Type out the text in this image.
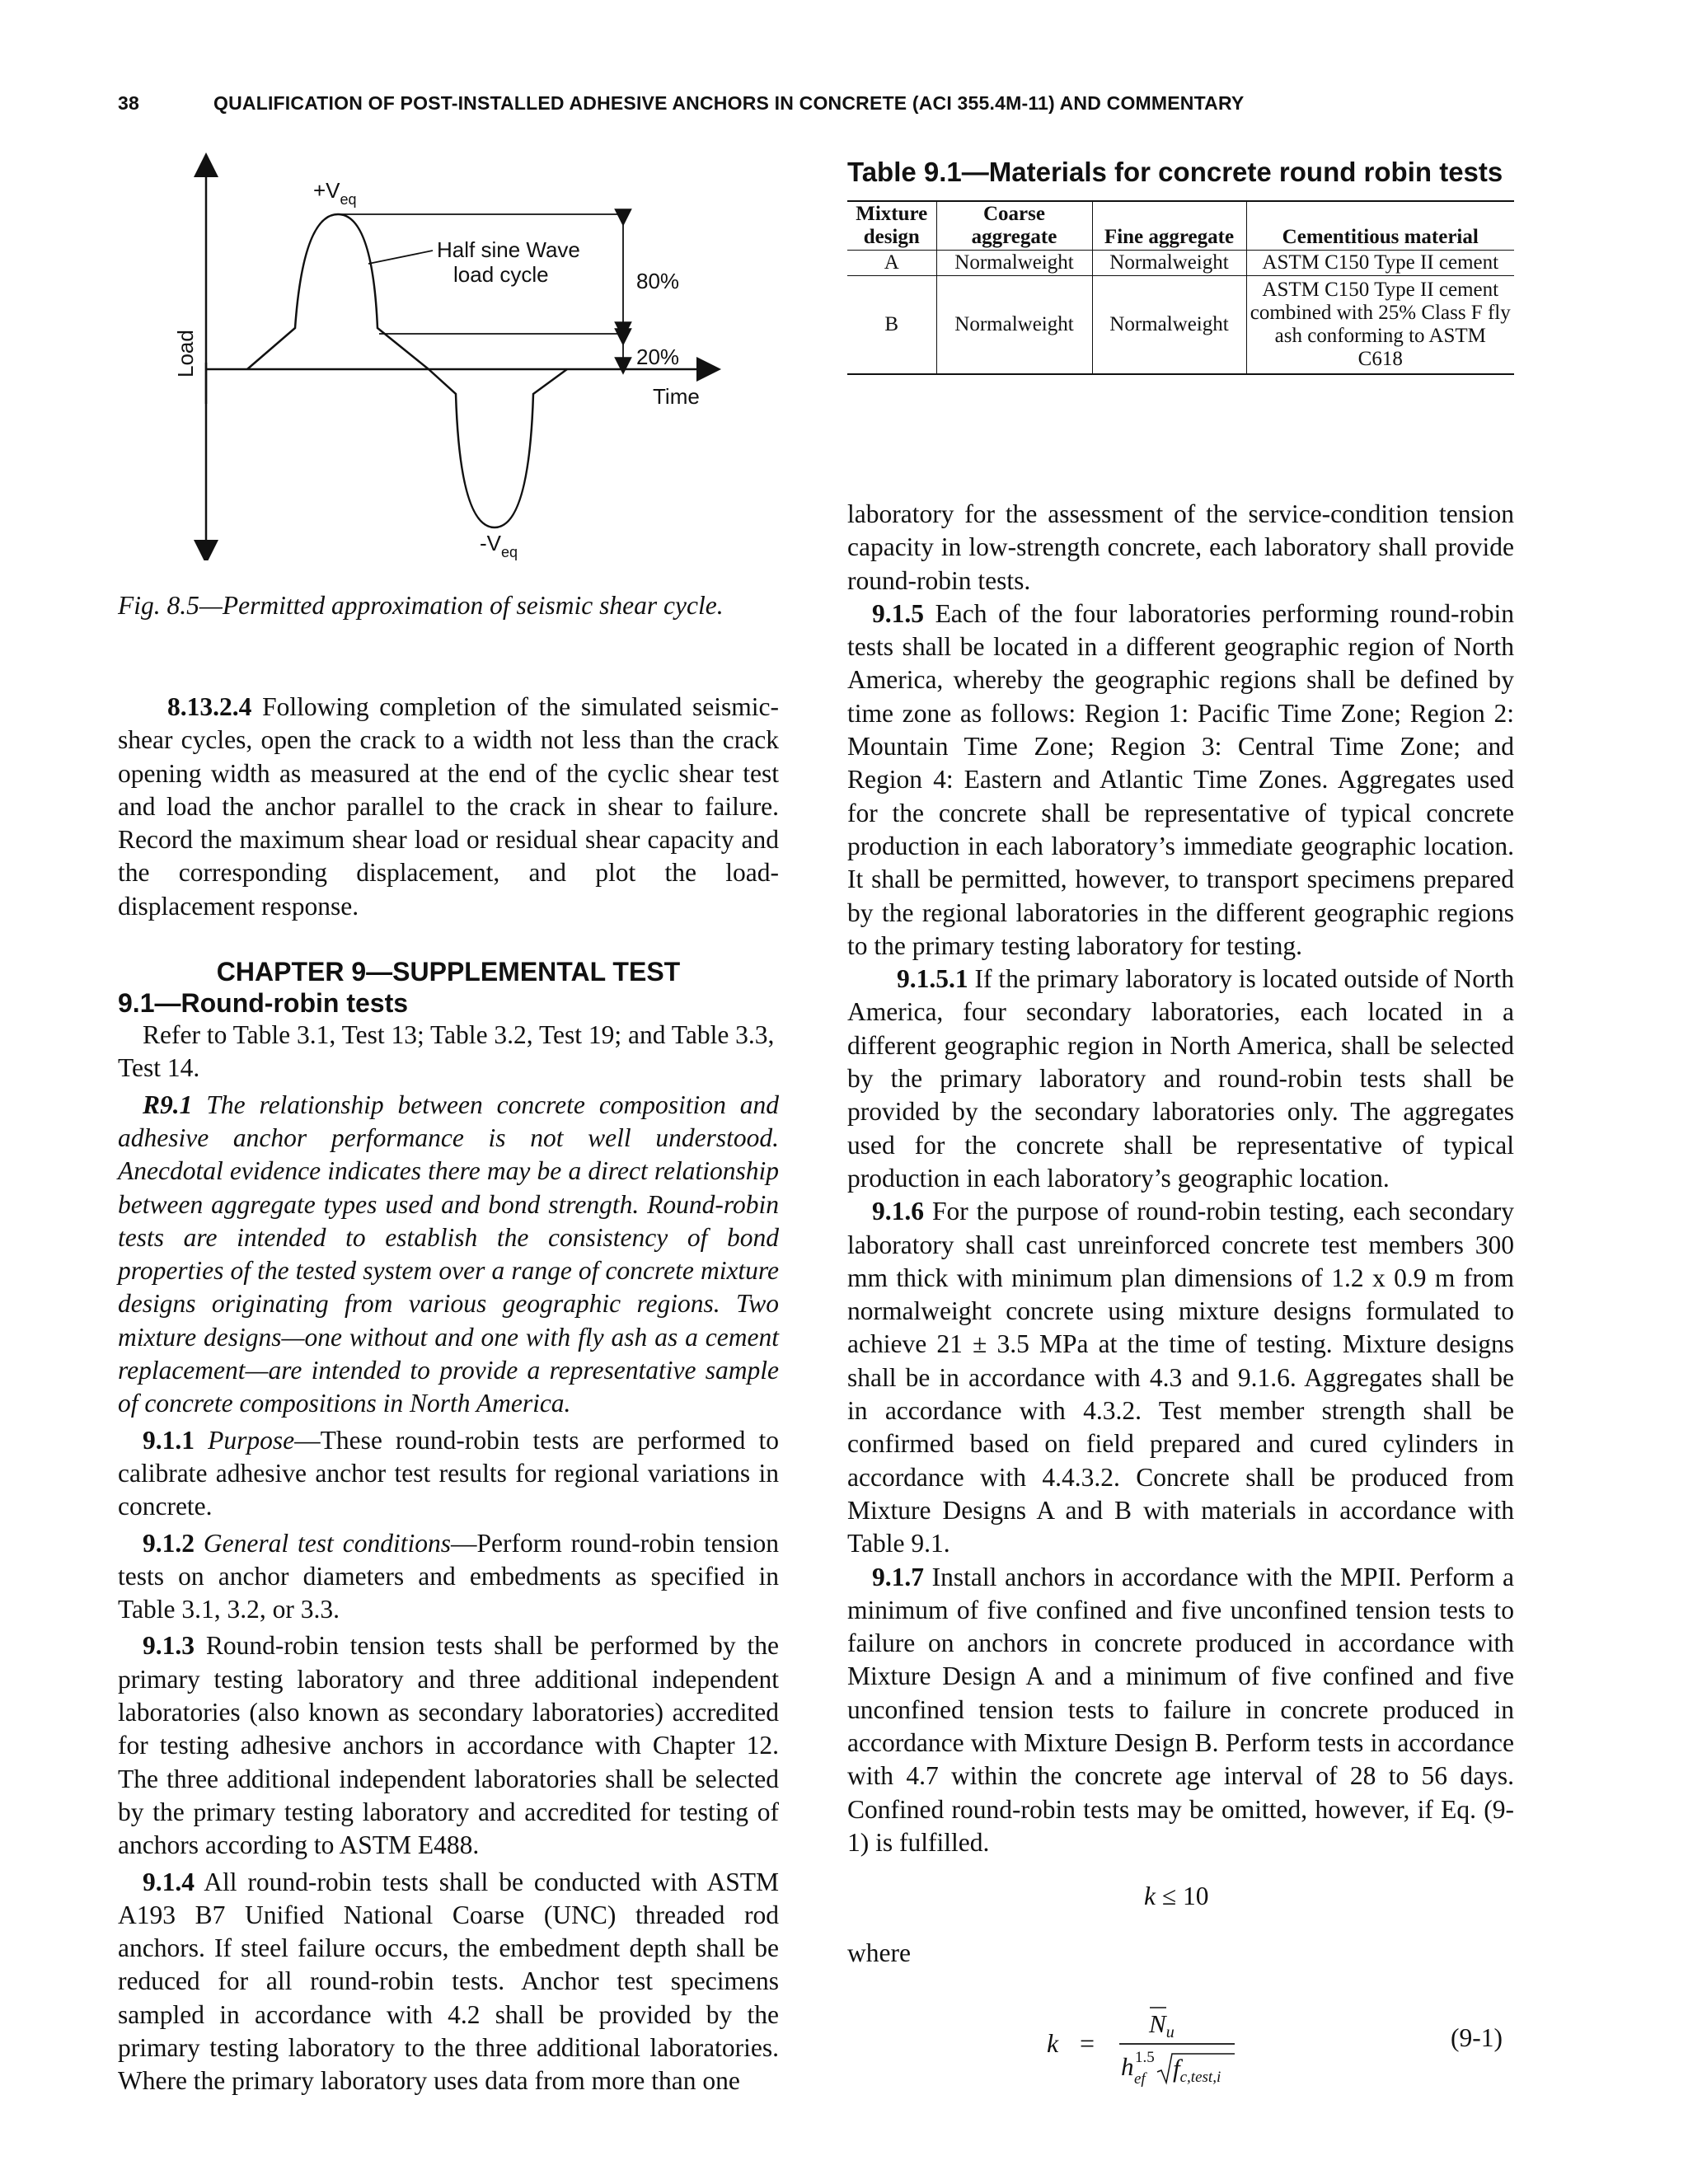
38	QUALIFICATION OF POST-INSTALLED ADHESIVE ANCHORS IN CONCRETE (ACI 355.4M-11) AND COMMENTARY
$+V_{eq}$
$-V_{eq}$
Half sine Wave
load cycle	80%
20%
Time
Load
Fig. 8.5—Permitted approximation of seismic shear cycle.
Table 9.1—Materials for concrete round robin tests
Mixture design	Coarse aggregate	Fine aggregate	Cementitious material
A	Normalweight	Normalweight	ASTM C150 Type II cement
B	Normalweight	Normalweight	ASTM C150 Type II cement combined with 25% Class F fly ash conforming to ASTM C618

8.13.2.4 Following completion of the simulated seismic-shear cycles, open the crack to a width not less than the crack opening width as measured at the end of the cyclic shear test and load the anchor parallel to the crack in shear to failure. Record the maximum shear load or residual shear capacity and the corresponding displacement, and plot the load-displacement response.

CHAPTER 9—SUPPLEMENTAL TEST

9.1—Round-robin tests

Refer to Table 3.1, Test 13; Table 3.2, Test 19; and Table 3.3, Test 14.

R9.1 The relationship between concrete composition and adhesive anchor performance is not well understood. Anecdotal evidence indicates there may be a direct relationship between aggregate types used and bond strength. Round-robin tests are intended to establish the consistency of bond properties of the tested system over a range of concrete mixture designs originating from various geographic regions. Two mixture designs—one without and one with fly ash as a cement replacement—are intended to provide a representative sample of concrete compositions in North America.

9.1.1 Purpose—These round-robin tests are performed to calibrate adhesive anchor test results for regional variations in concrete.

9.1.2 General test conditions—Perform round-robin tension tests on anchor diameters and embedments as specified in Table 3.1, 3.2, or 3.3.

9.1.3 Round-robin tension tests shall be performed by the primary testing laboratory and three additional independent laboratories (also known as secondary laboratories) accredited for testing adhesive anchors in accordance with Chapter 12. The three additional independent laboratories shall be selected by the primary testing laboratory and accredited for testing of anchors according to ASTM E488.

9.1.4 All round-robin tests shall be conducted with ASTM A193 B7 Unified National Coarse (UNC) threaded rod anchors. If steel failure occurs, the embedment depth shall be reduced for all round-robin tests. Anchor test specimens sampled in accordance with 4.2 shall be provided by the primary testing laboratory to the three additional laboratories. Where the primary laboratory uses data from more than one

laboratory for the assessment of the service-condition tension capacity in low-strength concrete, each laboratory shall provide round-robin tests.

9.1.5 Each of the four laboratories performing round-robin tests shall be located in a different geographic region of North America, whereby the geographic regions shall be defined by time zone as follows: Region 1: Pacific Time Zone; Region 2: Mountain Time Zone; Region 3: Central Time Zone; and Region 4: Eastern and Atlantic Time Zones. Aggregates used for the concrete shall be representative of typical concrete production in each laboratory’s immediate geographic location. It shall be permitted, however, to transport specimens prepared by the regional laboratories in the different geographic regions to the primary testing laboratory for testing.

9.1.5.1 If the primary laboratory is located outside of North America, four secondary laboratories, each located in a different geographic region in North America, shall be selected by the primary laboratory and round-robin tests shall be provided by the secondary laboratories only. The aggregates used for the concrete shall be representative of typical production in each laboratory’s geographic location.

9.1.6 For the purpose of round-robin testing, each secondary laboratory shall cast unreinforced concrete test members 300 mm thick with minimum plan dimensions of 1.2 x 0.9 m from normalweight concrete using mixture designs formulated to achieve 21 ± 3.5 MPa at the time of testing. Mixture designs shall be in accordance with 4.3 and 9.1.6. Aggregates shall be in accordance with 4.3.2. Test member strength shall be confirmed based on field prepared and cured cylinders in accordance with 4.4.3.2. Concrete shall be produced from Mixture Designs A and B with materials in accordance with Table 9.1.

9.1.7 Install anchors in accordance with the MPII. Perform a minimum of five confined and five unconfined tension tests to failure on anchors in concrete produced in accordance with Mixture Design A and a minimum of five confined and five unconfined tension tests to failure in concrete produced in accordance with Mixture Design B. Perform tests in accordance with 4.7 within the concrete age interval of 28 to 56 days. Confined round-robin tests may be omitted, however, if Eq. (9-1) is fulfilled.

k ≤ 10
where
k =
Nu
h 1.5
ef fc,test,i
(9-1)
